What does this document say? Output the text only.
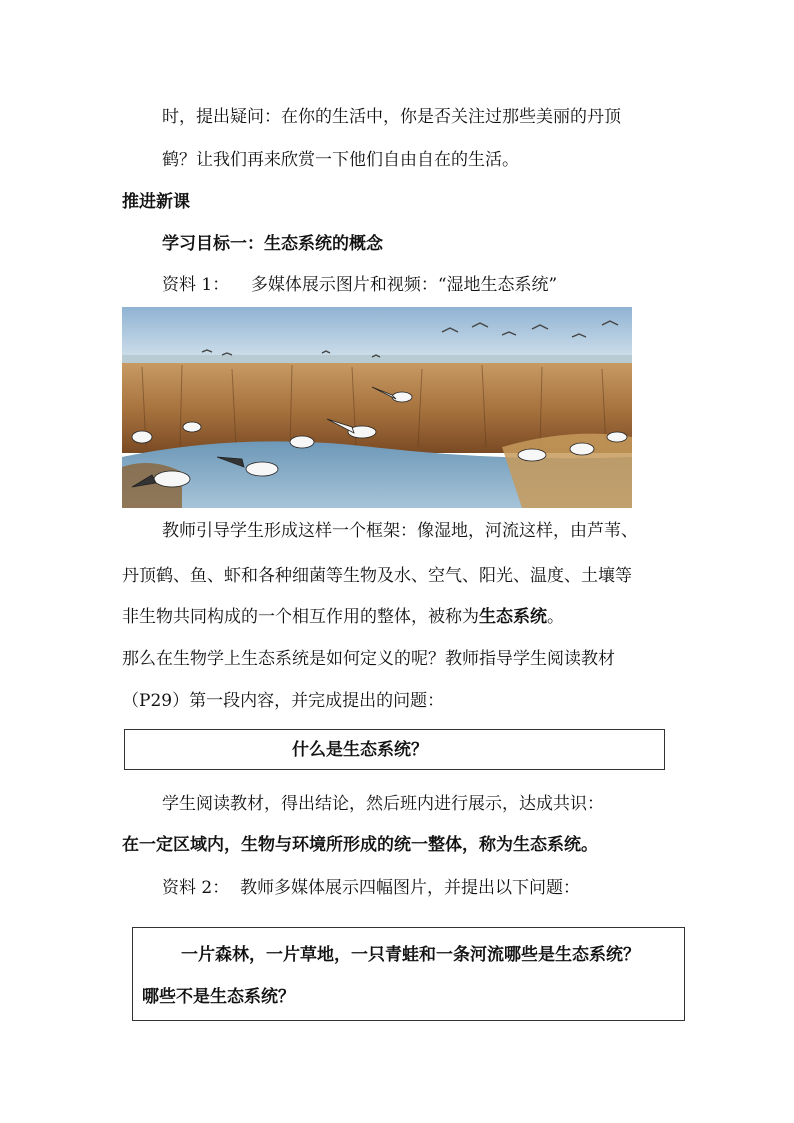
时，提出疑问：在你的生活中，你是否关注过那些美丽的丹顶
鹤？让我们再来欣赏一下他们自由自在的生活。
推进新课
学习目标一：生态系统的概念
资料 1：    多媒体展示图片和视频：“湿地生态系统”
教师引导学生形成这样一个框架：像湿地，河流这样，由芦苇、
丹顶鹤、鱼、虾和各种细菌等生物及水、空气、阳光、温度、土壤等
非生物共同构成的一个相互作用的整体，被称为生态系统。
那么在生物学上生态系统是如何定义的呢？教师指导学生阅读教材
（P29）第一段内容，并完成提出的问题：
什么是生态系统？
学生阅读教材，得出结论，然后班内进行展示，达成共识：
在一定区域内，生物与环境所形成的统一整体，称为生态系统。
资料 2：  教师多媒体展示四幅图片，并提出以下问题：
一片森林，一片草地，一只青蛙和一条河流哪些是生态系统？
哪些不是生态系统？
